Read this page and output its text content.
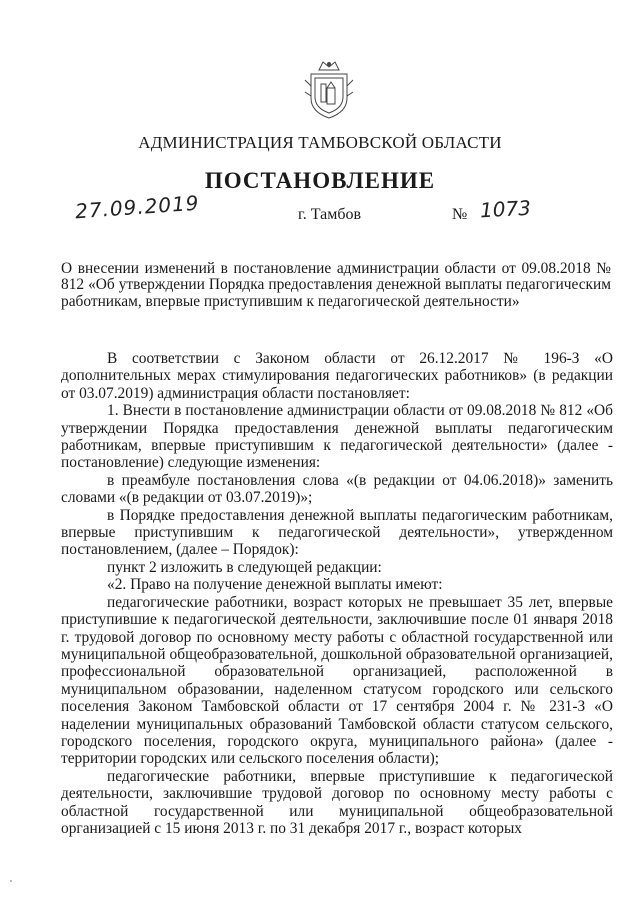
АДМИНИСТРАЦИЯ ТАМБОВСКОЙ ОБЛАСТИ
ПОСТАНОВЛЕНИЕ
27.09.2019	г. Тамбов	№ 1073
О внесении изменений в постановление администрации области от 09.08.2018 № 812 «Об утверждении Порядка предоставления денежной выплаты педагогическим работникам, впервые приступившим к педагогической деятельности»

В соответствии с Законом области от 26.12.2017 № 196-З «О дополнительных мерах стимулирования педагогических работников» (в редакции от 03.07.2019) администрация области постановляет:

1. Внести в постановление администрации области от 09.08.2018 № 812 «Об утверждении Порядка предоставления денежной выплаты педагогическим работникам, впервые приступившим к педагогической деятельности» (далее - постановление) следующие изменения:

в преамбуле постановления слова «(в редакции от 04.06.2018)» заменить словами «(в редакции от 03.07.2019)»;

в Порядке предоставления денежной выплаты педагогическим работникам, впервые приступившим к педагогической деятельности», утвержденном постановлением, (далее – Порядок):

пункт 2 изложить в следующей редакции:

«2. Право на получение денежной выплаты имеют:

педагогические работники, возраст которых не превышает 35 лет, впервые приступившие к педагогической деятельности, заключившие после 01 января 2018 г. трудовой договор по основному месту работы с областной государственной или муниципальной общеобразовательной, дошкольной образовательной организацией, профессиональной образовательной организацией, расположенной в муниципальном образовании, наделенном статусом городского или сельского поселения Законом Тамбовской области от 17 сентября 2004 г. № 231-З «О наделении муниципальных образований Тамбовской области статусом сельского, городского поселения, городского округа, муниципального района» (далее - территории городских или сельского поселения области);

педагогические работники, впервые приступившие к педагогической деятельности, заключившие трудовой договор по основному месту работы с областной государственной или муниципальной общеобразовательной организацией с 15 июня 2013 г. по 31 декабря 2017 г., возраст которых
